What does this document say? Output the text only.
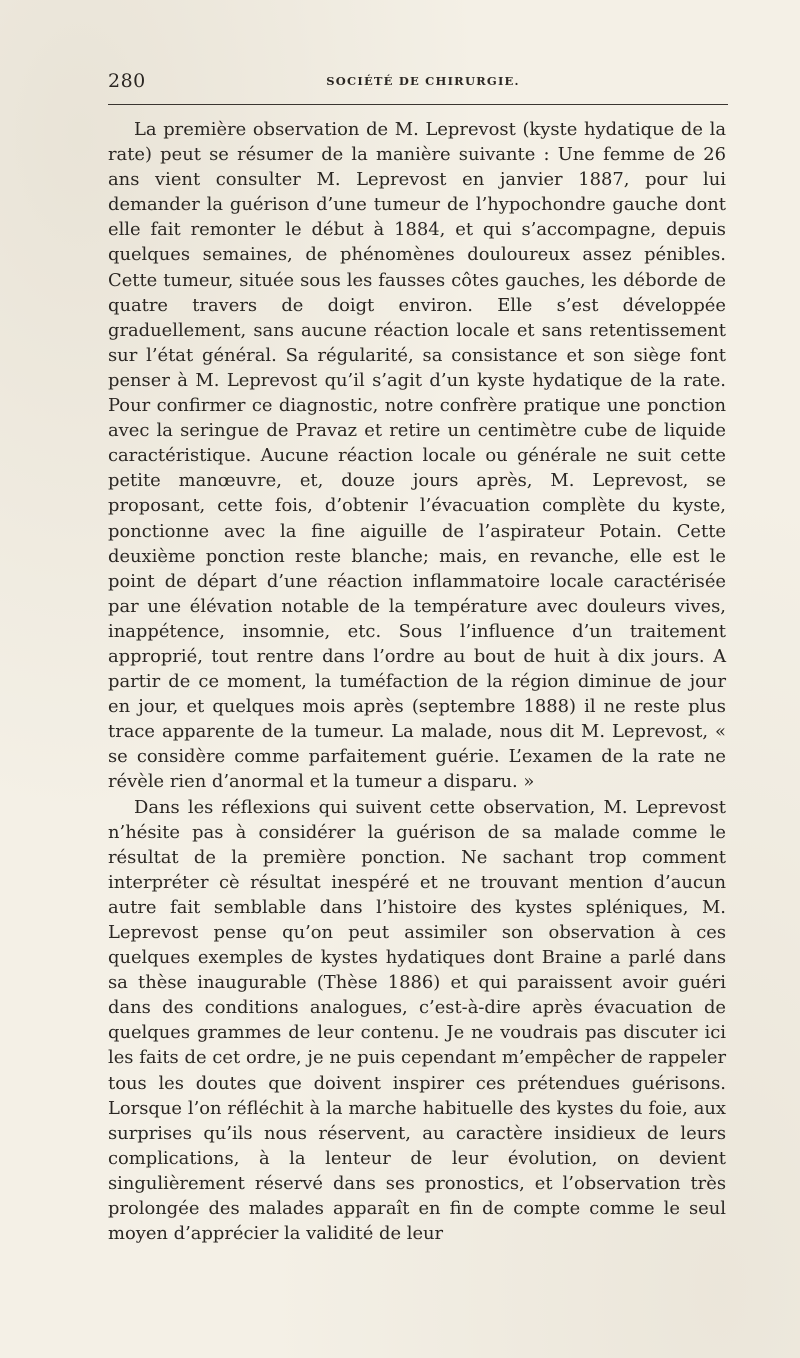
280	SOCIÉTÉ DE CHIRURGIE.

La première observation de M. Leprevost (kyste hydatique de la rate) peut se résumer de la manière suivante : Une femme de 26 ans vient consulter M. Leprevost en janvier 1887, pour lui demander la guérison d’une tumeur de l’hypochondre gauche dont elle fait remonter le début à 1884, et qui s’accompagne, depuis quelques semaines, de phénomènes douloureux assez pénibles. Cette tumeur, située sous les fausses côtes gauches, les déborde de quatre travers de doigt environ. Elle s’est développée graduellement, sans aucune réaction locale et sans retentissement sur l’état général. Sa régularité, sa consistance et son siège font penser à M. Leprevost qu’il s’agit d’un kyste hydatique de la rate. Pour confirmer ce diagnostic, notre confrère pratique une ponction avec la seringue de Pravaz et retire un centimètre cube de liquide caractéristique. Aucune réaction locale ou générale ne suit cette petite manœuvre, et, douze jours après, M. Leprevost, se proposant, cette fois, d’obtenir l’évacuation complète du kyste, ponctionne avec la fine aiguille de l’aspirateur Potain. Cette deuxième ponction reste blanche; mais, en revanche, elle est le point de départ d’une réaction inflammatoire locale caractérisée par une élévation notable de la température avec douleurs vives, inappétence, insomnie, etc. Sous l’influence d’un traitement approprié, tout rentre dans l’ordre au bout de huit à dix jours. A partir de ce moment, la tuméfaction de la région diminue de jour en jour, et quelques mois après (septembre 1888) il ne reste plus trace apparente de la tumeur. La malade, nous dit M. Leprevost, « se considère comme parfaitement guérie. L’examen de la rate ne révèle rien d’anormal et la tumeur a disparu. »

Dans les réflexions qui suivent cette observation, M. Leprevost n’hésite pas à considérer la guérison de sa malade comme le résultat de la première ponction. Ne sachant trop comment interpréter cè résultat inespéré et ne trouvant mention d’aucun autre fait semblable dans l’histoire des kystes spléniques, M. Leprevost pense qu’on peut assimiler son observation à ces quelques exemples de kystes hydatiques dont Braine a parlé dans sa thèse inaugurable (Thèse 1886) et qui paraissent avoir guéri dans des conditions analogues, c’est-à-dire après évacuation de quelques grammes de leur contenu. Je ne voudrais pas discuter ici les faits de cet ordre, je ne puis cependant m’empêcher de rappeler tous les doutes que doivent inspirer ces prétendues guérisons. Lorsque l’on réfléchit à la marche habituelle des kystes du foie, aux surprises qu’ils nous réservent, au caractère insidieux de leurs complications, à la lenteur de leur évolution, on devient singulièrement réservé dans ses pronostics, et l’observation très prolongée des malades apparaît en fin de compte comme le seul moyen d’apprécier la validité de leur
